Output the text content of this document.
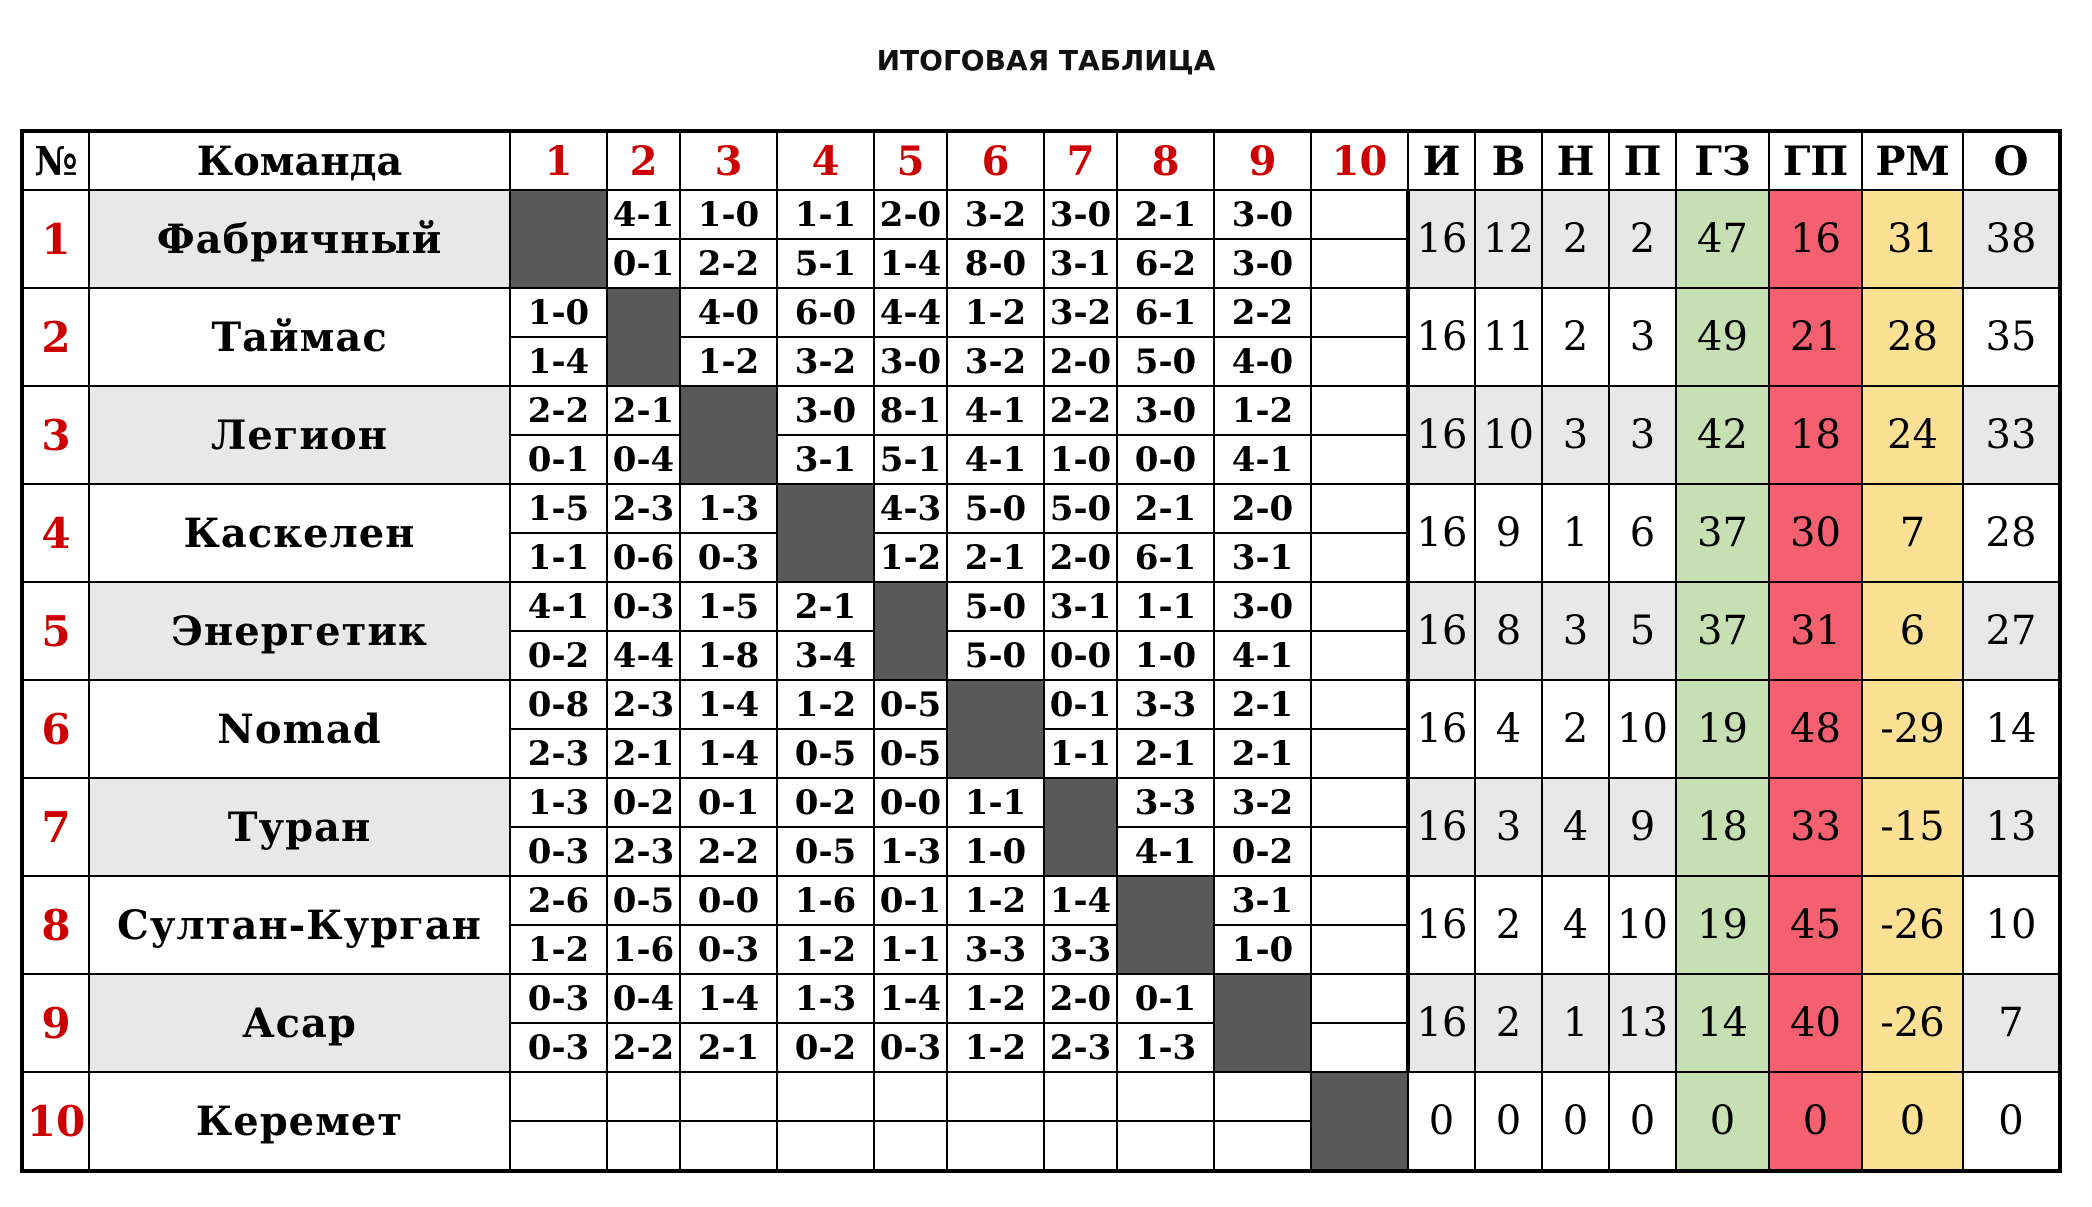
ИТОГОВАЯ ТАБЛИЦА
№	Команда	1	2	3	4	5	6	7	8	9	10	И	В	Н	П	ГЗ	ГП	РМ	О
1	Фабричный		4-1	1-0	1-1	2-0	3-2	3-0	2-1	3-0		16	12	2	2	47	16	31	38
			0-1	2-2	5-1	1-4	8-0	3-1	6-2	3-0									
2	Таймас	1-0		4-0	6-0	4-4	1-2	3-2	6-1	2-2		16	11	2	3	49	21	28	35
		1-4		1-2	3-2	3-0	3-2	2-0	5-0	4-0									
3	Легион	2-2	2-1		3-0	8-1	4-1	2-2	3-0	1-2		16	10	3	3	42	18	24	33
		0-1	0-4		3-1	5-1	4-1	1-0	0-0	4-1									
4	Каскелен	1-5	2-3	1-3		4-3	5-0	5-0	2-1	2-0		16	9	1	6	37	30	7	28
		1-1	0-6	0-3		1-2	2-1	2-0	6-1	3-1									
5	Энергетик	4-1	0-3	1-5	2-1		5-0	3-1	1-1	3-0		16	8	3	5	37	31	6	27
		0-2	4-4	1-8	3-4		5-0	0-0	1-0	4-1									
6	Nomad	0-8	2-3	1-4	1-2	0-5		0-1	3-3	2-1		16	4	2	10	19	48	-29	14
		2-3	2-1	1-4	0-5	0-5		1-1	2-1	2-1									
7	Туран	1-3	0-2	0-1	0-2	0-0	1-1		3-3	3-2		16	3	4	9	18	33	-15	13
		0-3	2-3	2-2	0-5	1-3	1-0		4-1	0-2									
8	Султан-Курган	2-6	0-5	0-0	1-6	0-1	1-2	1-4		3-1		16	2	4	10	19	45	-26	10
		1-2	1-6	0-3	1-2	1-1	3-3	3-3		1-0									
9	Асар	0-3	0-4	1-4	1-3	1-4	1-2	2-0	0-1			16	2	1	13	14	40	-26	7
		0-3	2-2	2-1	0-2	0-3	1-2	2-3	1-3										
10	Керемет											0	0	0	0	0	0	0	0
